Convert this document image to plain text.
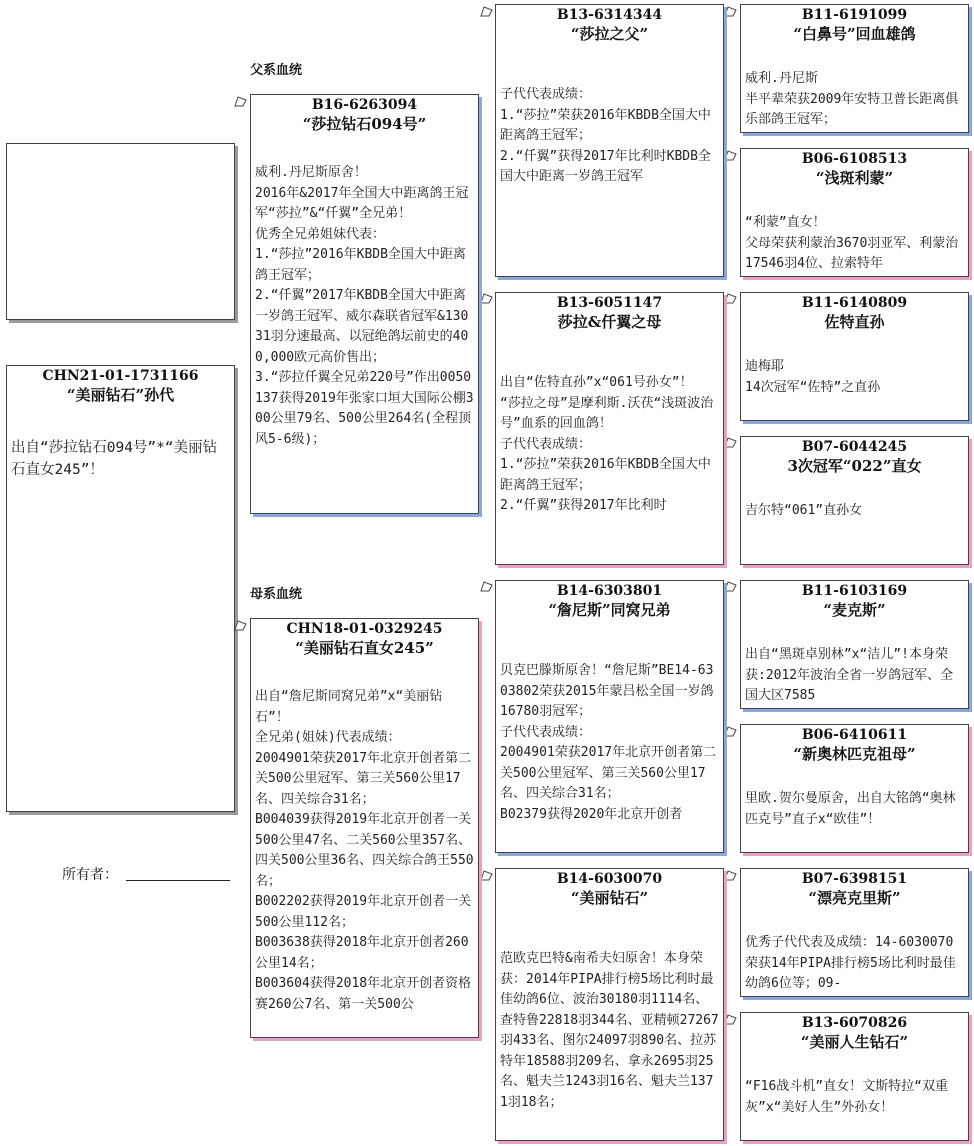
CHN21-01-1731166
“美丽钻石”孙代
出自“莎拉钻石094号”*“美丽钻石直女245”！
所有者：
父系血统
母系血统
B16-6263094
“莎拉钻石094号”
威利.丹尼斯原舍！
2016年&2017年全国大中距离鸽王冠军“莎拉”&“仟翼”全兄弟！
优秀全兄弟姐妹代表：
1.“莎拉”2016年KBDB全国大中距离鸽王冠军；
2.“仟翼”2017年KBDB全国大中距离一岁鸽王冠军、威尔森联省冠军&13031羽分速最高、以冠绝鸽坛前史的400,000欧元高价售出；
3.“莎拉仟翼全兄弟220号”作出0050137获得2019年张家口垣大国际公棚300公里79名、500公里264名(全程顶风5-6级)；
CHN18-01-0329245
“美丽钻石直女245”
出自“詹尼斯同窝兄弟”x“美丽钻石”！
全兄弟(姐妹)代表成绩：
2004901荣获2017年北京开创者第二关500公里冠军、第三关560公里17名、四关综合31名；
B004039获得2019年北京开创者一关500公里47名、二关560公里357名、四关500公里36名、四关综合鸽王550名；
B002202获得2019年北京开创者一关500公里112名；
B003638获得2018年北京开创者260公里14名；
B003604获得2018年北京开创者资格赛260公7名、第一关500公
B13-6314344
“莎拉之父”
子代代表成绩：
1.“莎拉”荣获2016年KBDB全国大中距离鸽王冠军；
2.“仟翼”获得2017年比利时KBDB全国大中距离一岁鸽王冠军
B13-6051147
莎拉&仟翼之母
出自“佐特直孙”x“061号孙女”！
“莎拉之母”是摩利斯.沃茯“浅斑波治号”血系的回血鸽！
子代代表成绩：
1.“莎拉”荣获2016年KBDB全国大中距离鸽王冠军；
2.“仟翼”获得2017年比利时
B14-6303801
“詹尼斯”同窝兄弟
贝克巴滕斯原舍！“詹尼斯”BE14-6303802荣获2015年蒙吕松全国一岁鸽16780羽冠军；
子代代表成绩：
2004901荣获2017年北京开创者第二关500公里冠军、第三关560公里17名、四关综合31名；
B02379获得2020年北京开创者
B14-6030070
“美丽钻石”
范欧克巴特&南希夫妇原舍！本身荣获：2014年PIPA排行榜5场比利时最佳幼鸽6位、波治30180羽1114名、查特鲁22818羽344名、亚精顿27267羽433名、图尔24097羽890名、拉苏特年18588羽209名、拿永2695羽25名、魁夫兰1243羽16名、魁夫兰1371羽18名；
B11-6191099
“白鼻号”回血雄鸽
威利.丹尼斯
半平辈荣获2009年安特卫普长距离俱乐部鸽王冠军；
B06-6108513
“浅斑利蒙”
“利蒙”直女！
父母荣获利蒙治3670羽亚军、利蒙治17546羽4位、拉索特年
B11-6140809
佐特直孙
迪梅耶
14次冠军“佐特”之直孙
B07-6044245
3次冠军“022”直女
吉尔特“061”直孙女
B11-6103169
“麦克斯”
出自“黑斑卓别林”x“洁儿”!本身荣获:2012年波治全省一岁鸽冠军、全国大区7585
B06-6410611
“新奥林匹克祖母”
里欧.贺尔曼原舍，出自大铭鸽“奥林匹克号”直子x“欧佳”！
B07-6398151
“漂亮克里斯”
优秀子代代表及成绩：14-6030070荣获14年PIPA排行榜5场比利时最佳幼鸽6位等；09-
B13-6070826
“美丽人生钻石”
“F16战斗机”直女！文斯特拉“双重灰”x“美好人生”外孙女！
